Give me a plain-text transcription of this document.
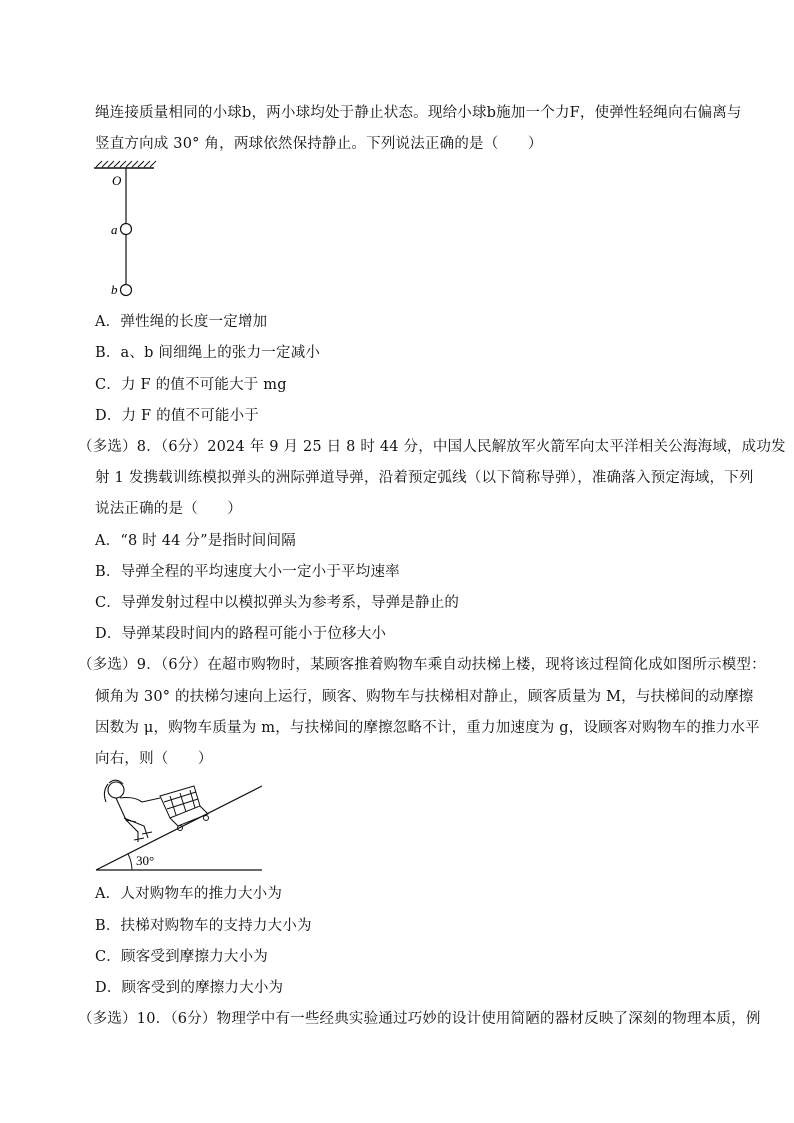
绳连接质量相同的小球b，两小球均处于静止状态。现给小球b施加一个力F，使弹性轻绳向右偏离与
竖直方向成 30° 角，两球依然保持静止。下列说法正确的是（　　）
O
a
b
A．弹性绳的长度一定增加
B．a、b 间细绳上的张力一定减小
C．力 F 的值不可能大于 mg
D．力 F 的值不可能小于
（多选）8．（6分）2024 年 9 月 25 日 8 时 44 分，中国人民解放军火箭军向太平洋相关公海海域，成功发
射 1 发携载训练模拟弹头的洲际弹道导弹，沿着预定弧线（以下简称导弹），准确落入预定海域，下列
说法正确的是（　　）
A．“8 时 44 分”是指时间间隔
B．导弹全程的平均速度大小一定小于平均速率
C．导弹发射过程中以模拟弹头为参考系，导弹是静止的
D．导弹某段时间内的路程可能小于位移大小
（多选）9．（6分）在超市购物时，某顾客推着购物车乘自动扶梯上楼，现将该过程简化成如图所示模型：
倾角为 30° 的扶梯匀速向上运行，顾客、购物车与扶梯相对静止，顾客质量为 M，与扶梯间的动摩擦
因数为 μ，购物车质量为 m，与扶梯间的摩擦忽略不计，重力加速度为 g，设顾客对购物车的推力水平
向右，则（　　）
30°
A．人对购物车的推力大小为
B．扶梯对购物车的支持力大小为
C．顾客受到摩擦力大小为
D．顾客受到的摩擦力大小为
（多选）10．（6分）物理学中有一些经典实验通过巧妙的设计使用简陋的器材反映了深刻的物理本质，例
